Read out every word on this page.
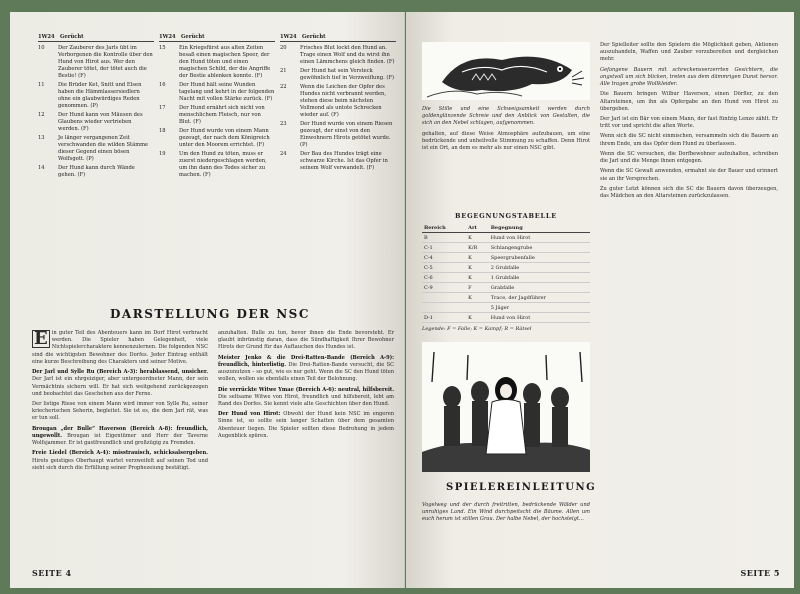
1W24 Gerücht
10	Der Zauberer des Jarls übt im Verborgenen die Kontrolle über den Hund von Hirot aus. Wer den Zauberer tötet, der tötet auch die Bestie! (F)
11	Die Brüder Ket, Snitt und Elsen haben die Hämmlassersiedlern ohne ein glaubwürdiges Reden genommen. (P)
12	Der Hund kann von Mäusen des Glaubens wieder vertrieben werden. (F)
13	Je länger vergangenen Zeit verschwanden die wilden Stämme dieser Gegend einen bösen Wolfsgott. (P)
14	Der Hund kann durch Wände gehen. (F)
1W24 Gerücht
15	Ein Kriegsfürst aus alten Zeiten besaß einen magischen Speer, der den Hund töten und einen magischen Schild, der die Angriffe der Bestie ablenken konnte. (F)
16	Der Hund hält seine Wunden tagelang und kehrt in der folgenden Nacht mit vollen Stärke zurück. (F)
17	Der Hund ernährt sich nicht von menschlichem Fleisch, nur von Blut. (F)
18	Der Hund wurde von einem Mann gezeugt, der nach dem Königreich unter den Moorem errichtet. (F)
19	Um den Hund zu töten, muss er zuerst niedergeschlagen werden, um ihn dann des Todes sicher zu machen. (F)
1W24 Gerücht
20	Frisches Blut lockt den Hund an. Trage einen Wolf und du wirst ihn einen Lämmchens gleich finden. (F)
21	Der Hund hat sein Versteck gewöhnlich tief in Verzweiflung. (F)
22	Wenn die Leichen der Opfer des Hundes nicht verbrannt werden, stehen diese beim nächsten Vollmond als untote Schrecken wieder auf. (F)
23	Der Hund wurde von einem Riesen gezeugt, der einst von den Einwohnern Hirots getötet wurde. (P)
24	Der Bau des Hundes trägt eine schwarze Kirche. Ist das Opfer in seinem Wolf verwandelt. (F)
DARSTELLUNG DER NSC

E in guter Teil des Abenteuers kann im Dorf Hirot verbracht werden. Die Spieler haben Gelegenheit, viele Nichtspielercharaktere kennenzulernen. Die folgenden NSC sind die wichtigsten Bewohner des Dorfes. Jeder Eintrag enthält eine kurze Beschreibung des Charakters und seiner Motive.

Der Jarl und Sylle Ru (Bereich A-3): herablassend, unsicher. Der Jarl ist ein ehrgeiziger, aber untergeordneter Mann, der sein Vermächtnis sichern will. Er hat sich weitgehend zurückgezogen und beobachtet das Geschehen aus der Ferne.

Der listige Riese von einem Mann wird immer von Sylle Ru, seiner kriecherischen Seherin, begleitet. Sie ist es, die dem Jarl rät, was er tun soll.

Brougan „der Bulle“ Haverson (Bereich A-8): freundlich, ungewollt. Brougan ist Eigentümer und Herr der Taverne Wolfsjammer. Er ist gastfreundlich und großzügig zu Fremden.

Freie Liedel (Bereich A-4): misstrauisch, schicksalsergeben. Hirots geistiges Oberhaupt wartet verzweifelt auf seinen Tod und sieht sich durch die Erfüllung seiner Prophezeiung bestätigt.

anzuhalten. Bulle zu tun, bevor ihnen die Ende bevorsteht. Er glaubt inbrünstig daran, dass die Sündhaftigkeit Ihrer Bewohner Hirots der Grund für das Auftauchen des Hundes ist.

Meister Jenko & die Drei-Ratten-Bande (Bereich A-9): freundlich, hinterlistig. Die Drei-Ratten-Bande versucht, die SC auszunutzen – so gut, wie es nur geht. Wenn die SC den Hund töten wollen, wollen sie ebenfalls einen Teil der Belohnung.

Die verrückte Witwe Ymae (Bereich A-6): neutral, hilfsbereit. Die seltsame Witwe von Hirot, freundlich und hilfsbereit, lebt am Rand des Dorfes. Sie kennt viele alte Geschichten über den Hund.

Der Hund von Hirot: Obwohl der Hund kein NSC im engeren Sinne ist, so sollte sein langer Schatten über dem gesamten Abenteuer liegen. Die Spieler sollten diese Bedrohung in jedem Augenblick spüren.

SEITE 4

Die Stille und eine Schweigsamkeit werden durch goldenglänzende Schreie und den Anblick von Gestalten, die sich an den Nebel schlagen, aufgenommen.

gehalten, auf diese Weise Atmosphäre aufzubauen, um eine bedrückende und unheilvolle Stimmung zu schaffen. Denn Hirot ist ein Ort, an dem es mehr als nur einen NSC gibt.

BEGEGNUNGSTABELLE
Bereich	Art	Begegnung
B	K	Hund von Hirot
C-1	K/R	Schlangengrube
C-4	K	Speergrubenfalle
C-5	K	2 Grubfalle
C-6	K	1 Grubfalle
C-9	F	Grabfalle
	K	Trace, der Jagdführer
		5 Jäger
D-1	K	Hund von Hirot
Legende: F = Falle; K = Kampf; R = Rätsel
SPIELEREINLEITUNG
Vogelweg und der durch freitritten, bedrückende Wälder und unruhiges Land. Ein Wind durchpeitscht die Bäume. Allen um euch herum ist stillen Grau. Der halbe Nebel, der hochsteigt...

Der Spielleiter sollte den Spielern die Möglichkeit geben, Aktionen auszuhandeln, Waffen und Zauber vorzubereiten und dergleichen mehr.

Gefangene Bauern mit schreckensverzerrten Gesichtern, die angstvoll um sich blicken, treten aus dem dämmrigen Dunst hervor. Alle tragen grobe Wollkleider.

Die Bauern bringen Wilbur Haverson, einen Dörfler, zu den Altarsteinen, um ihn als Opfergabe an den Hund von Hirot zu übergeben.

Der Jarl ist ein Bär von einem Mann, der fast fünfzig Lenze zählt. Er tritt vor und spricht die alten Worte.

Wenn sich die SC nicht einmischen, versammeln sich die Bauern an ihrem Ende, um das Opfer dem Hund zu überlassen.

Wenn die SC versuchen, die Dorfbewohner aufzuhalten, schreiben die Jarl und die Menge ihnen entgegen.

Wenn die SC Gewalt anwenden, ermahnt sie der Bauer und erinnert sie an ihr Versprechen.

Zu guter Letzt können sich die SC die Bauern davon überzeugen, das Mädchen an den Altarsteinen zurückzulassen.

SEITE 5
